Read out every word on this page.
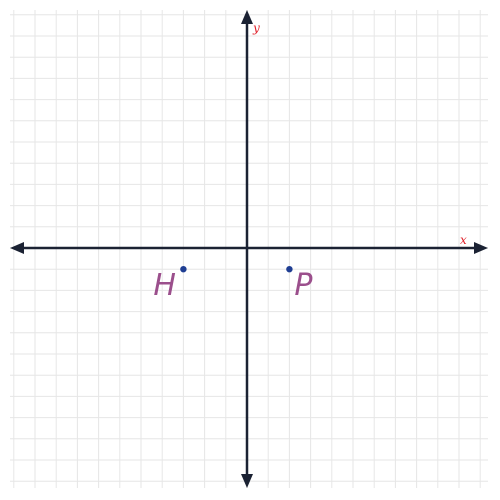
x
y
H	P
